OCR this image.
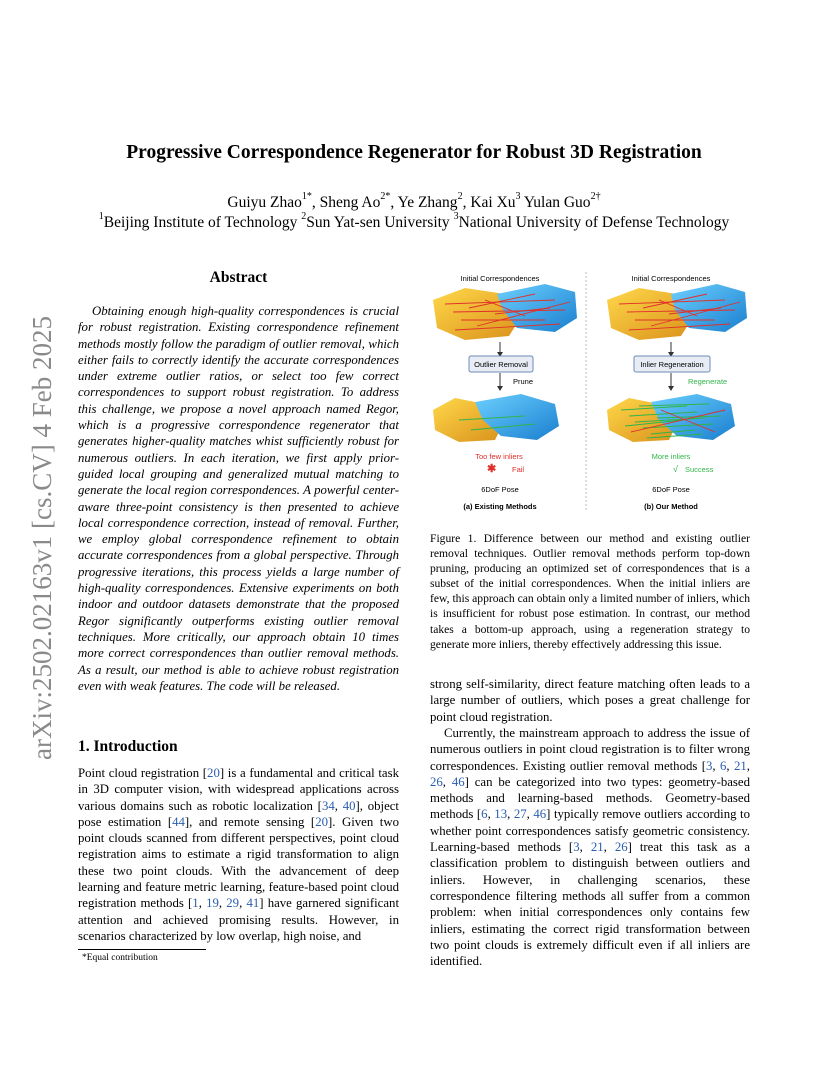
arXiv:2502.02163v1 [cs.CV] 4 Feb 2025
Progressive Correspondence Regenerator for Robust 3D Registration
Guiyu Zhao$^{1*}$, Sheng $Ao^{2*}$, Ye Zhang$^2$, Kai Xu$^3$ Yulan Guo$^{2\dagger}$
$^1$Beijing Institute of Technology $^2$Sun Yat-sen University $^3$National University of Defense Technology
Abstract
Obtaining enough high-quality correspondences is crucial for robust registration. Existing correspondence refinement methods mostly follow the paradigm of outlier removal, which either fails to correctly identify the accurate correspondences under extreme outlier ratios, or select too few correct correspondences to support robust registration. To address this challenge, we propose a novel approach named Regor, which is a progressive correspondence regenerator that generates higher-quality matches whist sufficiently robust for numerous outliers. In each iteration, we first apply prior-guided local grouping and generalized mutual matching to generate the local region correspondences. A powerful center-aware three-point consistency is then presented to achieve local correspondence correction, instead of removal. Further, we employ global correspondence refinement to obtain accurate correspondences from a global perspective. Through progressive iterations, this process yields a large number of high-quality correspondences. Extensive experiments on both indoor and outdoor datasets demonstrate that the proposed Regor significantly outperforms existing outlier removal techniques. More critically, our approach obtain 10 times more correct correspondences than outlier removal methods. As a result, our method is able to achieve robust registration even with weak features. The code will be released.
1. Introduction
Point cloud registration [20] is a fundamental and critical task in 3D computer vision, with widespread applications across various domains such as robotic localization [34, 40], object pose estimation [44], and remote sensing [20]. Given two point clouds scanned from different perspectives, point cloud registration aims to estimate a rigid transformation to align these two point clouds. With the advancement of deep learning and feature metric learning, feature-based point cloud registration methods [1, 19, 29, 41] have garnered significant attention and achieved promising results. However, in scenarios characterized by low overlap, high noise, and
*Equal contribution
Initial Correspondences
Outlier Removal
Prune
Too few inliers
✱ Fail
6DoF Pose
(a) Existing Methods
Initial Correspondences
Inlier Regeneration
Regenerate
More inliers
√ Success
6DoF Pose
(b) Our Method
Figure 1. Difference between our method and existing outlier removal techniques. Outlier removal methods perform top-down pruning, producing an optimized set of correspondences that is a subset of the initial correspondences. When the initial inliers are few, this approach can obtain only a limited number of inliers, which is insufficient for robust pose estimation. In contrast, our method takes a bottom-up approach, using a regeneration strategy to generate more inliers, thereby effectively addressing this issue.
strong self-similarity, direct feature matching often leads to a large number of outliers, which poses a great challenge for point cloud registration.
Currently, the mainstream approach to address the issue of numerous outliers in point cloud registration is to filter wrong correspondences. Existing outlier removal methods [3, 6, 21, 26, 46] can be categorized into two types: geometry-based methods and learning-based methods. Geometry-based methods [6, 13, 27, 46] typically remove outliers according to whether point correspondences satisfy geometric consistency. Learning-based methods [3, 21, 26] treat this task as a classification problem to distinguish between outliers and inliers. However, in challenging scenarios, these correspondence filtering methods all suffer from a common problem: when initial correspondences only contains few inliers, estimating the correct rigid transformation between two point clouds is extremely difficult even if all inliers are identified.
